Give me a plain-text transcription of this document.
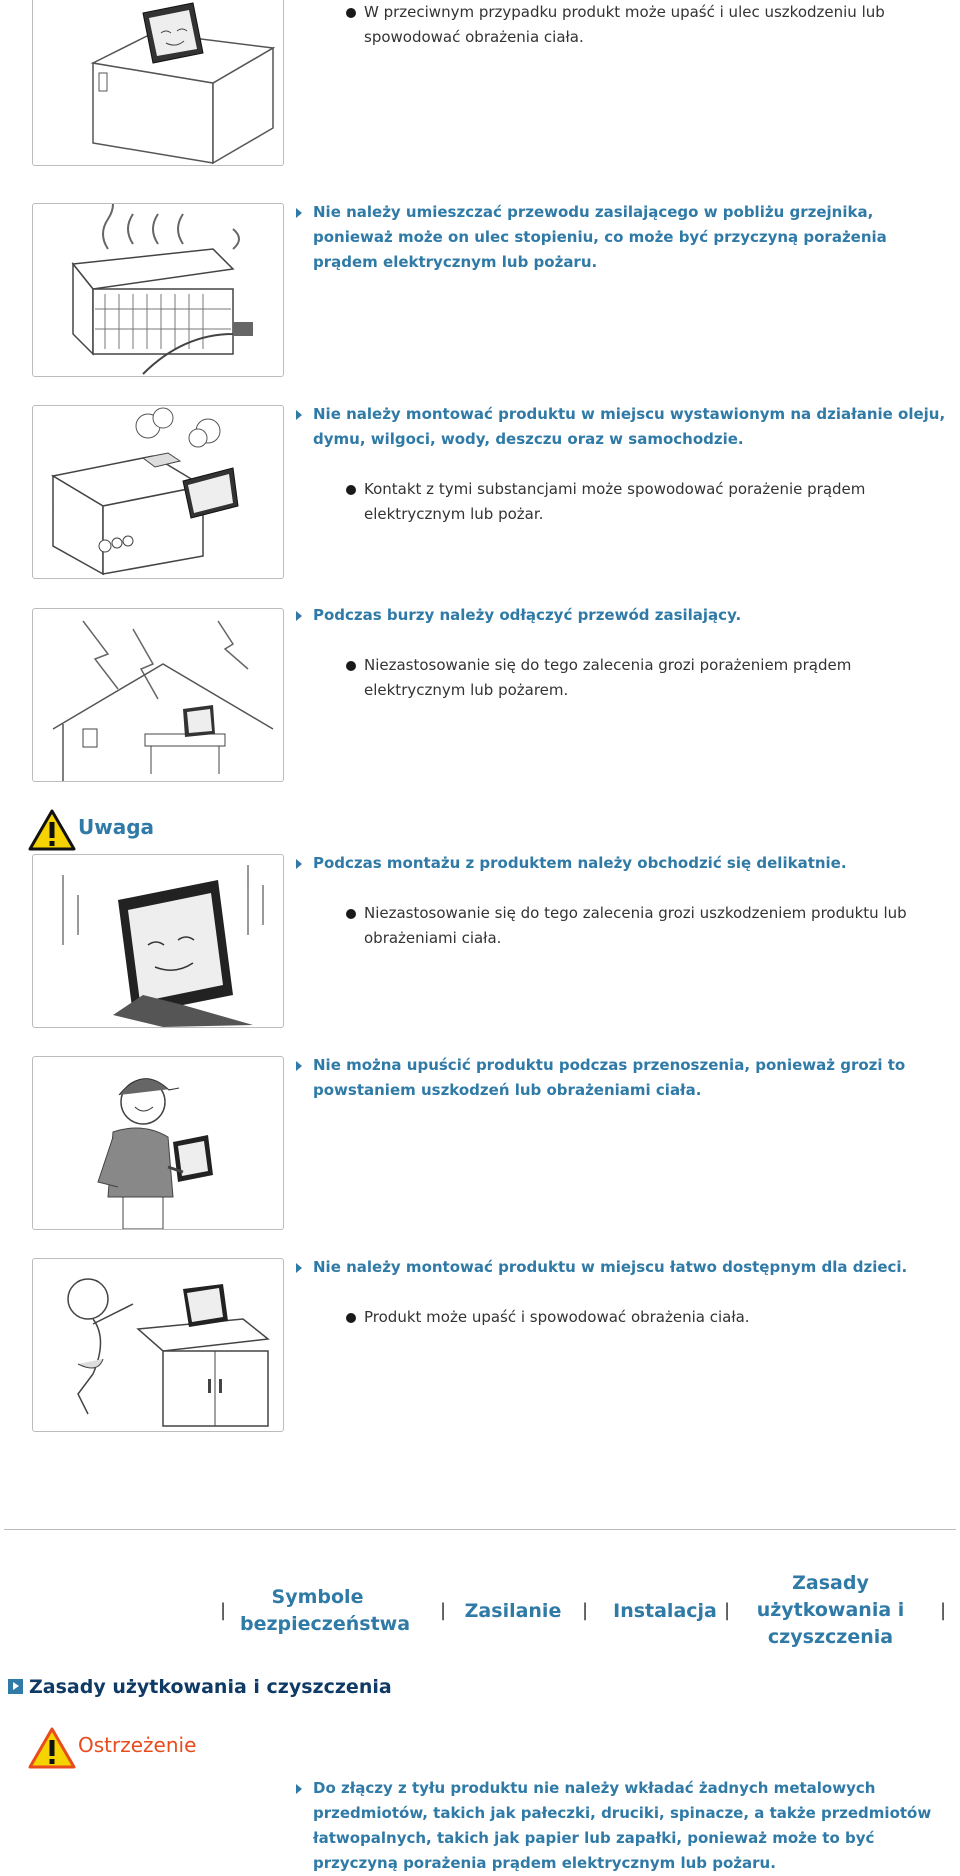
W przeciwnym przypadku produkt może upaść i ulec uszkodzeniu lub spowodować obrażenia ciała.
Nie należy umieszczać przewodu zasilającego w pobliżu grzejnika, ponieważ może on ulec stopieniu, co może być przyczyną porażenia prądem elektrycznym lub pożaru.
Nie należy montować produktu w miejscu wystawionym na działanie oleju, dymu, wilgoci, wody, deszczu oraz w samochodzie.
Kontakt z tymi substancjami może spowodować porażenie prądem elektrycznym lub pożar.
Podczas burzy należy odłączyć przewód zasilający.
Niezastosowanie się do tego zalecenia grozi porażeniem prądem elektrycznym lub pożarem.
Uwaga
Podczas montażu z produktem należy obchodzić się delikatnie.
Niezastosowanie się do tego zalecenia grozi uszkodzeniem produktu lub obrażeniami ciała.
Nie można upuścić produktu podczas przenoszenia, ponieważ grozi to powstaniem uszkodzeń lub obrażeniami ciała.
Nie należy montować produktu w miejscu łatwo dostępnym dla dzieci.
Produkt może upaść i spowodować obrażenia ciała.
|
Symbole bezpieczeństwa
| Zasilanie	|	Instalacja |
Zasady użytkowania i czyszczenia
|
Zasady użytkowania i czyszczenia
Ostrzeżenie
Do złączy z tyłu produktu nie należy wkładać żadnych metalowych przedmiotów, takich jak pałeczki, druciki, spinacze, a także przedmiotów łatwopalnych, takich jak papier lub zapałki, ponieważ może to być przyczyną porażenia prądem elektrycznym lub pożaru.
